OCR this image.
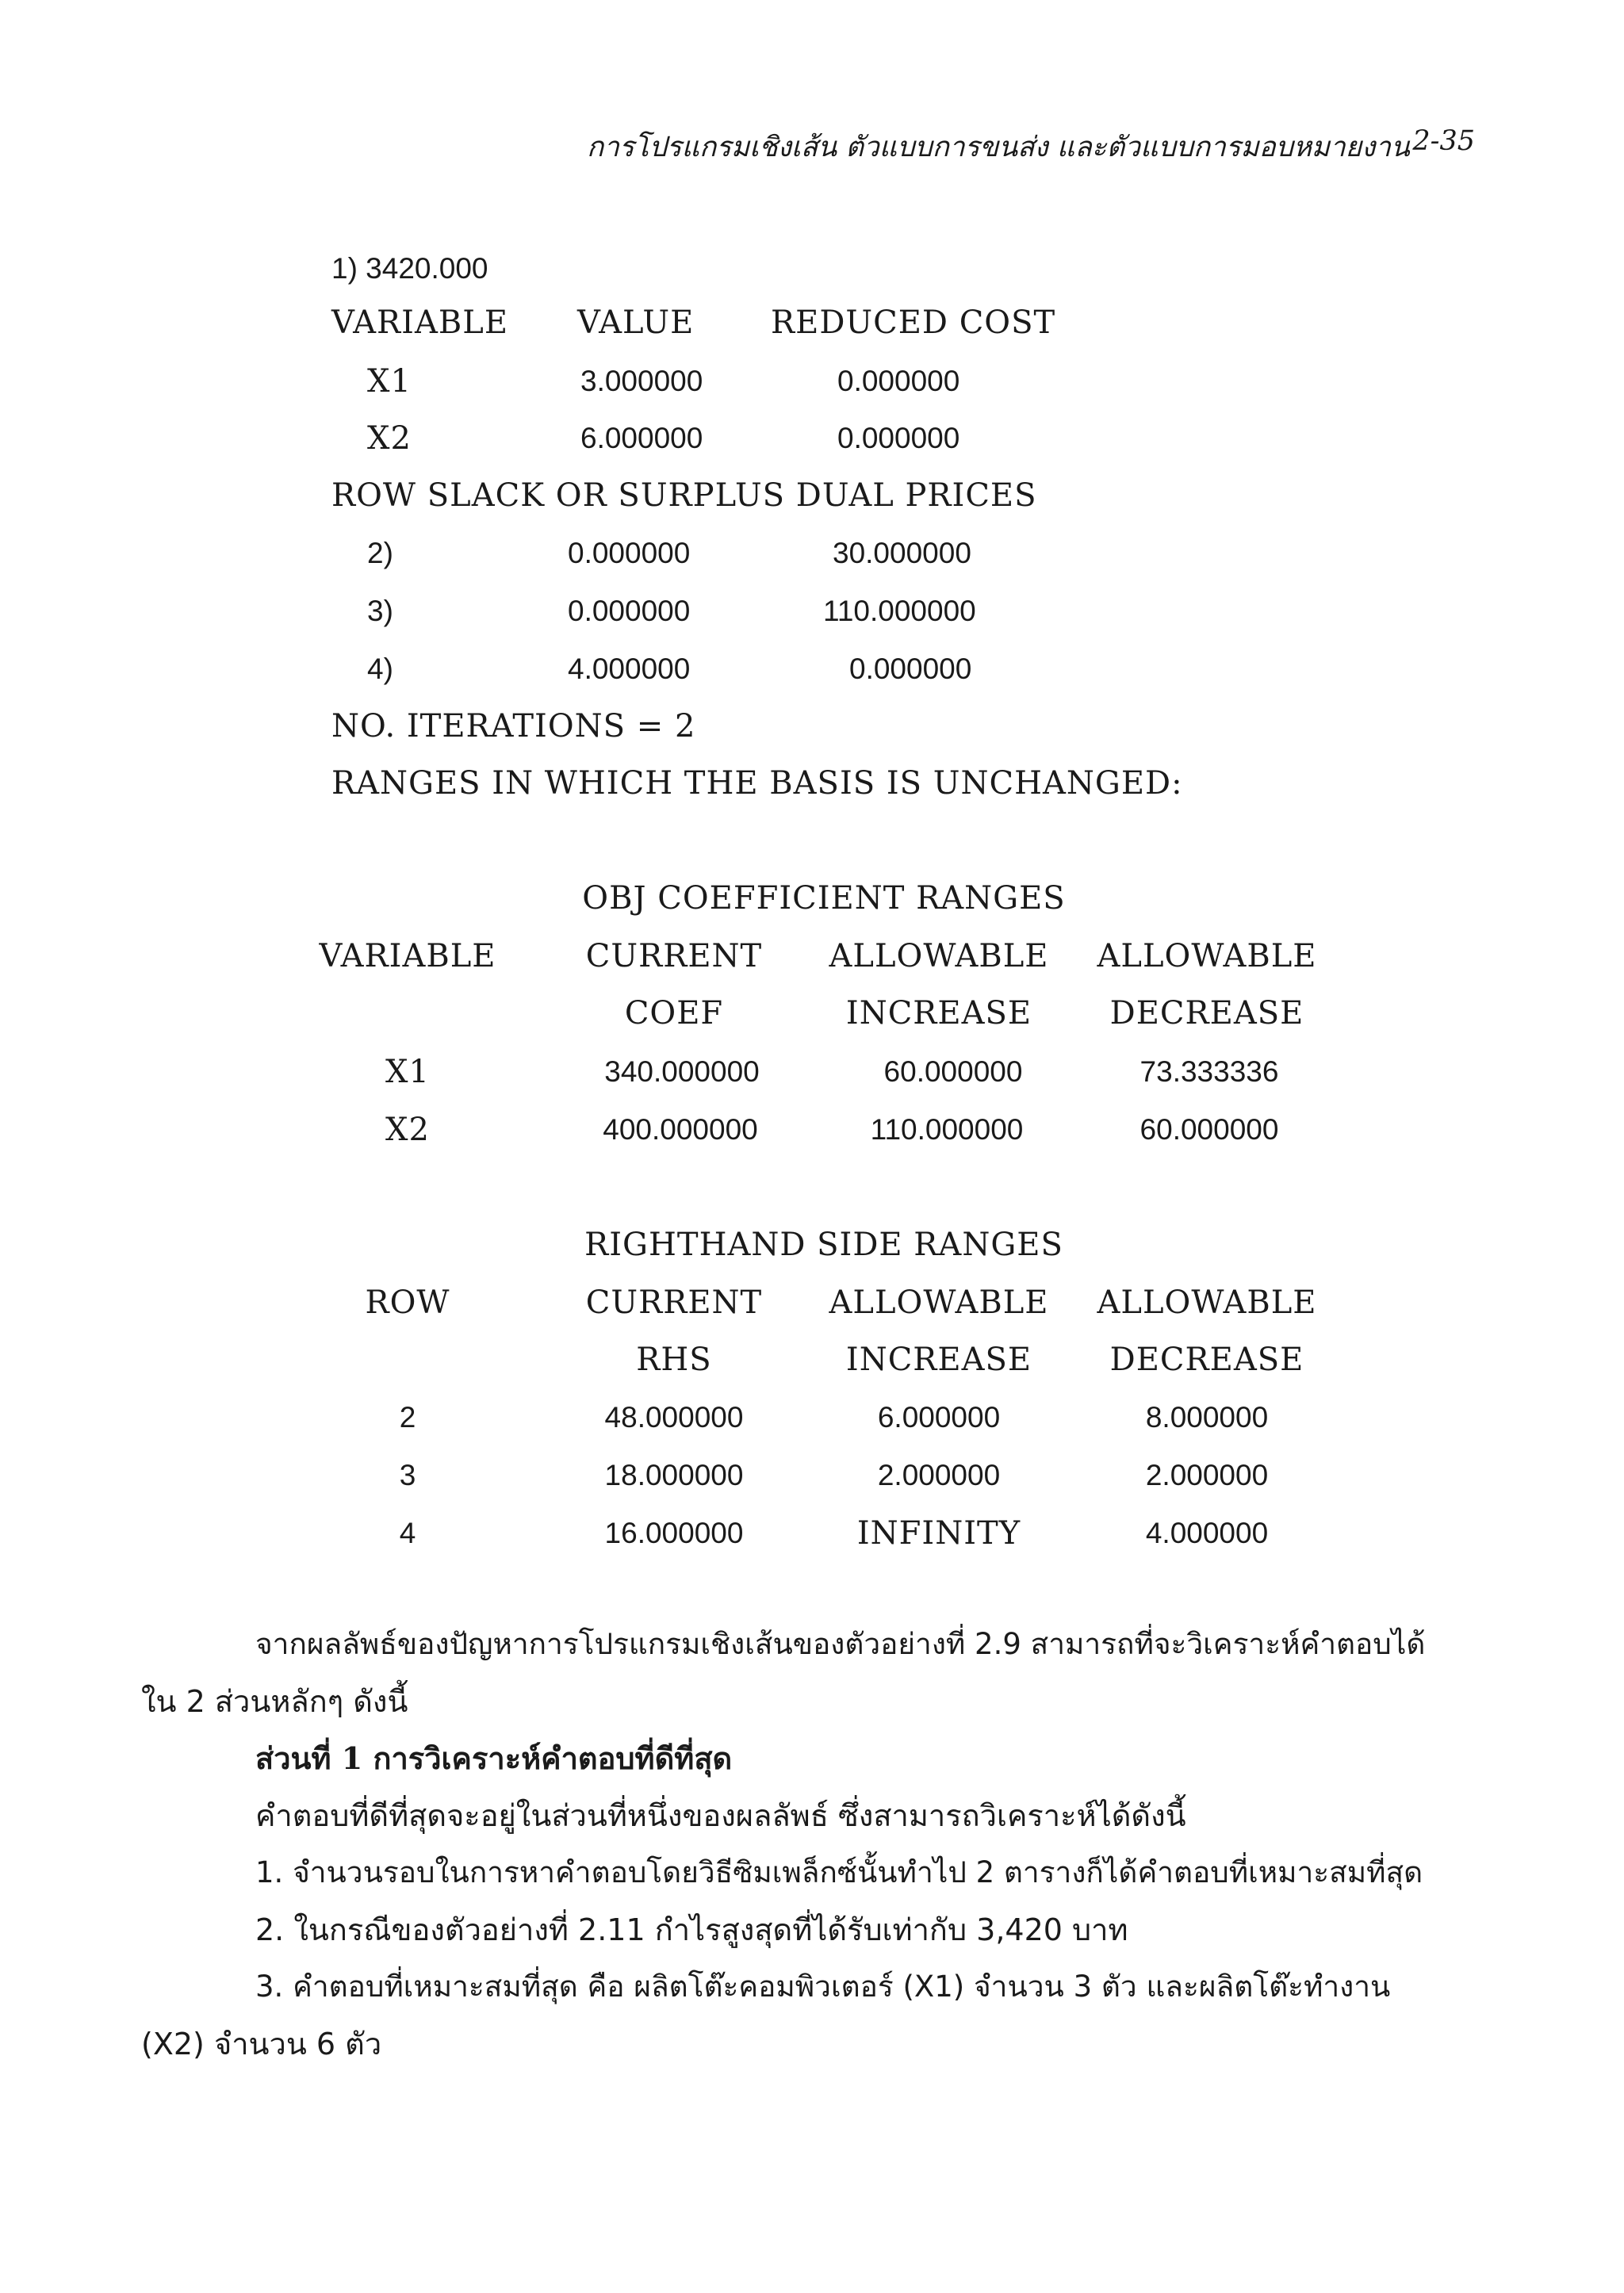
การโปรแกรมเชิงเส้น ตัวแบบการขนส่ง และตัวแบบการมอบหมายงาน 2-35
1) 3420.000
VARIABLE VALUE REDUCED COST
X1	3.000000	0.000000
X2	6.000000	0.000000
ROW SLACK OR SURPLUS DUAL PRICES
2)	0.000000	30.000000
3)	0.000000	110.000000
4)	4.000000	0.000000
NO. ITERATIONS = 2
RANGES IN WHICH THE BASIS IS UNCHANGED:
OBJ COEFFICIENT RANGES
VARIABLE	CURRENT ALLOWABLE ALLOWABLE
COEF	INCREASE DECREASE
X1	340.000000	60.000000	73.333336
X2	400.000000	110.000000	60.000000
RIGHTHAND SIDE RANGES
ROW	CURRENT ALLOWABLE ALLOWABLE
RHS	INCREASE DECREASE
2	48.000000	6.000000	8.000000
3	18.000000	2.000000	2.000000
4	16.000000	INFINITY	4.000000
จากผลลัพธ์ของปัญหาการโปรแกรมเชิงเส้นของตัวอย่างที่ 2.9 สามารถที่จะวิเคราะห์คำตอบได้
ใน 2 ส่วนหลักๆ ดังนี้
ส่วนที่ 1 การวิเคราะห์คำตอบที่ดีที่สุด
คำตอบที่ดีที่สุดจะอยู่ในส่วนที่หนึ่งของผลลัพธ์ ซึ่งสามารถวิเคราะห์ได้ดังนี้
1. จำนวนรอบในการหาคำตอบโดยวิธีซิมเพล็กซ์นั้นทำไป 2 ตารางก็ได้คำตอบที่เหมาะสมที่สุด
2. ในกรณีของตัวอย่างที่ 2.11 กำไรสูงสุดที่ได้รับเท่ากับ 3,420 บาท
3. คำตอบที่เหมาะสมที่สุด คือ ผลิตโต๊ะคอมพิวเตอร์ (X1) จำนวน 3 ตัว และผลิตโต๊ะทำงาน
(X2) จำนวน 6 ตัว
